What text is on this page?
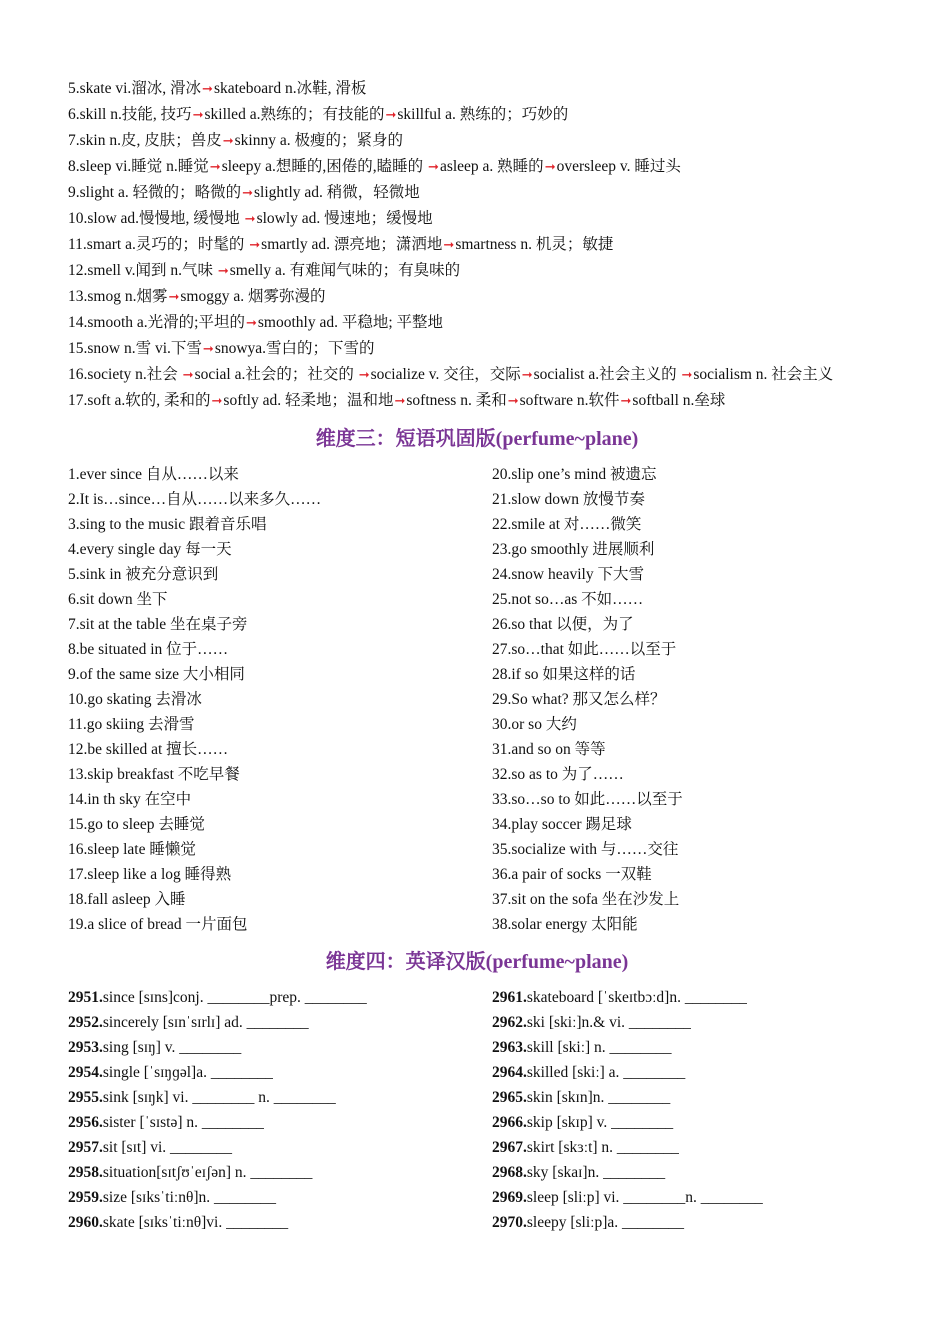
5.skate vi.溜冰, 滑冰➞skateboard n.冰鞋, 滑板
6.skill n.技能, 技巧➞skilled a.熟练的；有技能的➞skillful a. 熟练的；巧妙的
7.skin n.皮, 皮肤；兽皮➞skinny a. 极瘦的；紧身的
8.sleep vi.睡觉 n.睡觉➞sleepy a.想睡的,困倦的,瞌睡的 ➞asleep a. 熟睡的➞oversleep v. 睡过头
9.slight a. 轻微的；略微的➞slightly ad. 稍微，轻微地
10.slow ad.慢慢地, 缓慢地 ➞slowly ad. 慢速地；缓慢地
11.smart a.灵巧的；时髦的 ➞smartly ad. 漂亮地；潇洒地➞smartness n. 机灵；敏捷
12.smell v.闻到 n.气味 ➞smelly a. 有难闻气味的；有臭味的
13.smog n.烟雾➞smoggy a. 烟雾弥漫的
14.smooth a.光滑的;平坦的➞smoothly ad. 平稳地; 平整地
15.snow n.雪 vi.下雪➞snowya.雪白的；下雪的
16.society n.社会 ➞social a.社会的；社交的 ➞socialize v. 交往，交际➞socialist a.社会主义的 ➞socialism n. 社会主义
17.soft a.软的, 柔和的➞softly ad. 轻柔地；温和地➞softness n. 柔和➞software n.软件➞softball n.垒球
维度三：短语巩固版(perfume~plane)
1.ever since 自从……以来
2.It is…since…自从……以来多久……
3.sing to the music 跟着音乐唱
4.every single day 每一天
5.sink in 被充分意识到
6.sit down 坐下
7.sit at the table 坐在桌子旁
8.be situated in 位于……
9.of the same size 大小相同
10.go skating 去滑冰
11.go skiing 去滑雪
12.be skilled at 擅长……
13.skip breakfast 不吃早餐
14.in th sky 在空中
15.go to sleep 去睡觉
16.sleep late 睡懒觉
17.sleep like a log 睡得熟
18.fall asleep 入睡
19.a slice of bread 一片面包
20.slip one’s mind 被遗忘
21.slow down 放慢节奏
22.smile at 对……微笑
23.go smoothly 进展顺利
24.snow heavily 下大雪
25.not so…as 不如……
26.so that 以便，为了
27.so…that 如此……以至于
28.if so 如果这样的话
29.So what? 那又怎么样？
30.or so 大约
31.and so on 等等
32.so as to 为了……
33.so…so to 如此……以至于
34.play soccer 踢足球
35.socialize with 与……交往
36.a pair of socks 一双鞋
37.sit on the sofa 坐在沙发上
38.solar energy 太阳能
维度四：英译汉版(perfume~plane)
2951.since [sɪns]conj. ________prep. ________
2952.sincerely [sɪnˈsɪrlɪ] ad. ________
2953.sing [sɪŋ] v. ________
2954.single [ˈsɪŋɡəl]a. ________
2955.sink [sɪŋk] vi. ________ n. ________
2956.sister [ˈsɪstə] n. ________
2957.sit [sɪt] vi. ________
2958.situation[sɪtʃʊˈeɪʃən] n. ________
2959.size [sɪksˈtiːnθ]n. ________
2960.skate [sɪksˈtiːnθ]vi. ________
2961.skateboard [ˈskeɪtbɔːd]n. ________
2962.ski [skiː]n.& vi. ________
2963.skill [skiː] n. ________
2964.skilled [skiː] a. ________
2965.skin [skɪn]n. ________
2966.skip [skɪp] v. ________
2967.skirt [skɜːt] n. ________
2968.sky [skaɪ]n. ________
2969.sleep [sliːp] vi. ________n. ________
2970.sleepy [sliːp]a. ________
